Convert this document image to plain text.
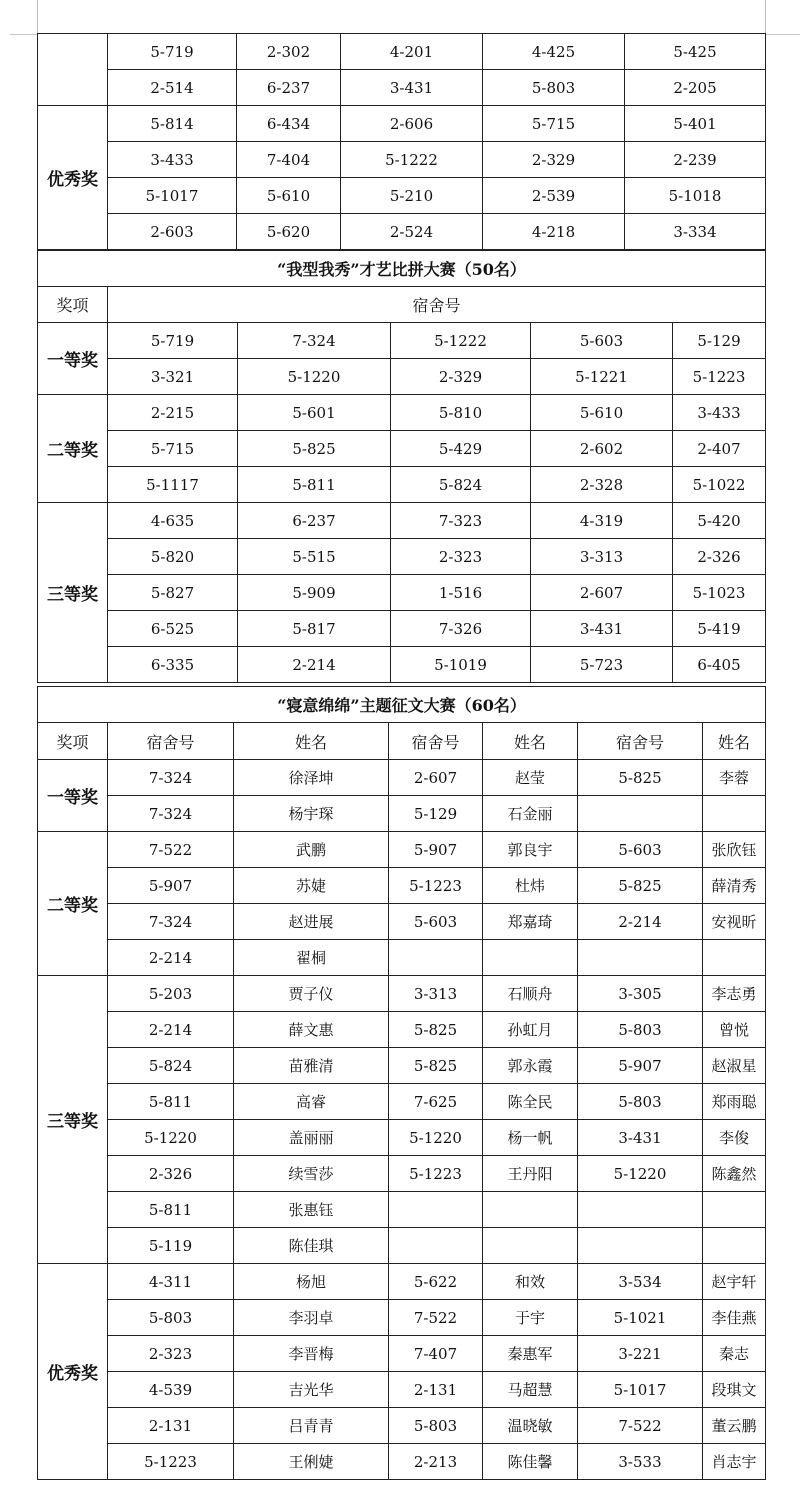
	5-719	2-302	4-201	4-425	5-425
	2-514	6-237	3-431	5-803	2-205
优秀奖	5-814	6-434	2-606	5-715	5-401
	3-433	7-404	5-1222	2-329	2-239
	5-1017	5-610	5-210	2-539	5-1018
	2-603	5-620	2-524	4-218	3-334
“我型我秀”才艺比拼大赛（50名）					
奖项	宿舍号				
一等奖	5-719	7-324	5-1222	5-603	5-129
	3-321	5-1220	2-329	5-1221	5-1223
二等奖	2-215	5-601	5-810	5-610	3-433
	5-715	5-825	5-429	2-602	2-407
	5-1117	5-811	5-824	2-328	5-1022
三等奖	4-635	6-237	7-323	4-319	5-420
	5-820	5-515	2-323	3-313	2-326
	5-827	5-909	1-516	2-607	5-1023
	6-525	5-817	7-326	3-431	5-419
	6-335	2-214	5-1019	5-723	6-405
“寝意绵绵”主题征文大赛（60名）						
奖项	宿舍号	姓名	宿舍号	姓名	宿舍号	姓名
一等奖	7-324	徐泽坤	2-607	赵莹	5-825	李蓉
	7-324	杨宇琛	5-129	石金丽		
二等奖	7-522	武鹏	5-907	郭良宇	5-603	张欣钰
	5-907	苏婕	5-1223	杜炜	5-825	薛清秀
	7-324	赵进展	5-603	郑嘉琦	2-214	安视昕
	2-214	翟桐				
三等奖	5-203	贾子仪	3-313	石顺舟	3-305	李志勇
	2-214	薛文惠	5-825	孙虹月	5-803	曾悦
	5-824	苗雅清	5-825	郭永霞	5-907	赵淑星
	5-811	高睿	7-625	陈全民	5-803	郑雨聪
	5-1220	盖丽丽	5-1220	杨一帆	3-431	李俊
	2-326	续雪莎	5-1223	王丹阳	5-1220	陈鑫然
	5-811	张惠钰				
	5-119	陈佳琪				
优秀奖	4-311	杨旭	5-622	和效	3-534	赵宇轩
	5-803	李羽卓	7-522	于宇	5-1021	李佳燕
	2-323	李晋梅	7-407	秦惠军	3-221	秦志
	4-539	吉光华	2-131	马超慧	5-1017	段琪文
	2-131	吕青青	5-803	温晓敏	7-522	董云鹏
	5-1223	王俐婕	2-213	陈佳馨	3-533	肖志宇
